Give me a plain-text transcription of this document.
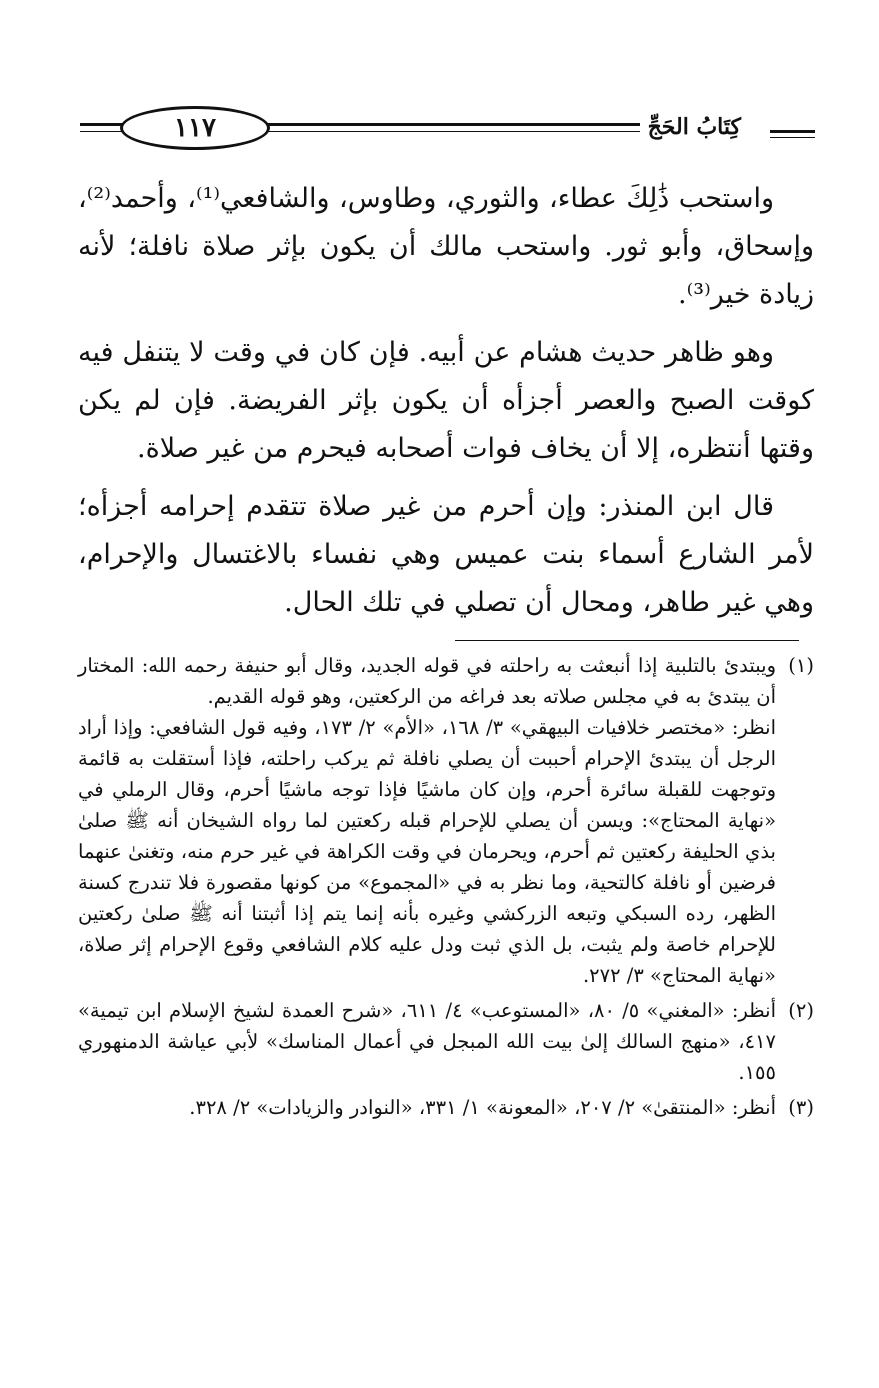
١١٧	كِتَابُ الحَجِّ

واستحب ذَٰلِكَ عطاء، والثوري، وطاوس، والشافعي⁽¹⁾، وأحمد⁽²⁾، وإسحاق، وأبو ثور. واستحب مالك أن يكون بإثر صلاة نافلة؛ لأنه زيادة خير⁽³⁾.

وهو ظاهر حديث هشام عن أبيه. فإن كان في وقت لا يتنفل فيه كوقت الصبح والعصر أجزأه أن يكون بإثر الفريضة. فإن لم يكن وقتها أنتظره، إلا أن يخاف فوات أصحابه فيحرم من غير صلاة.

قال ابن المنذر: وإن أحرم من غير صلاة تتقدم إحرامه أجزأه؛ لأمر الشارع أسماء بنت عميس وهي نفساء بالاغتسال والإحرام، وهي غير طاهر، ومحال أن تصلي في تلك الحال.

(١)

ويبتدئ بالتلبية إذا أنبعثت به راحلته في قوله الجديد، وقال أبو حنيفة رحمه الله: المختار أن يبتدئ به في مجلس صلاته بعد فراغه من الركعتين، وهو قوله القديم.

انظر: «مختصر خلافيات البيهقي» ٣/ ١٦٨، «الأم» ٢/ ١٧٣، وفيه قول الشافعي: وإذا أراد الرجل أن يبتدئ الإحرام أحببت أن يصلي نافلة ثم يركب راحلته، فإذا أستقلت به قائمة وتوجهت للقبلة سائرة أحرم، وإن كان ماشيًا فإذا توجه ماشيًا أحرم، وقال الرملي في «نهاية المحتاج»: ويسن أن يصلي للإحرام قبله ركعتين لما رواه الشيخان أنه ﷺ صلىٰ بذي الحليفة ركعتين ثم أحرم، ويحرمان في وقت الكراهة في غير حرم منه، وتغنىٰ عنهما فرضين أو نافلة كالتحية، وما نظر به في «المجموع» من كونها مقصورة فلا تندرج كسنة الظهر، رده السبكي وتبعه الزركشي وغيره بأنه إنما يتم إذا أثبتنا أنه ﷺ صلىٰ ركعتين للإحرام خاصة ولم يثبت، بل الذي ثبت ودل عليه كلام الشافعي وقوع الإحرام إثر صلاة، «نهاية المحتاج» ٣/ ٢٧٢.

(٢)

أنظر: «المغني» ٥/ ٨٠، «المستوعب» ٤/ ٦١١، «شرح العمدة لشيخ الإسلام ابن تيمية» ٤١٧، «منهج السالك إلىٰ بيت الله المبجل في أعمال المناسك» لأبي عياشة الدمنهوري ١٥٥.

(٣)

أنظر: «المنتقىٰ» ٢/ ٢٠٧، «المعونة» ١/ ٣٣١، «النوادر والزيادات» ٢/ ٣٢٨.
